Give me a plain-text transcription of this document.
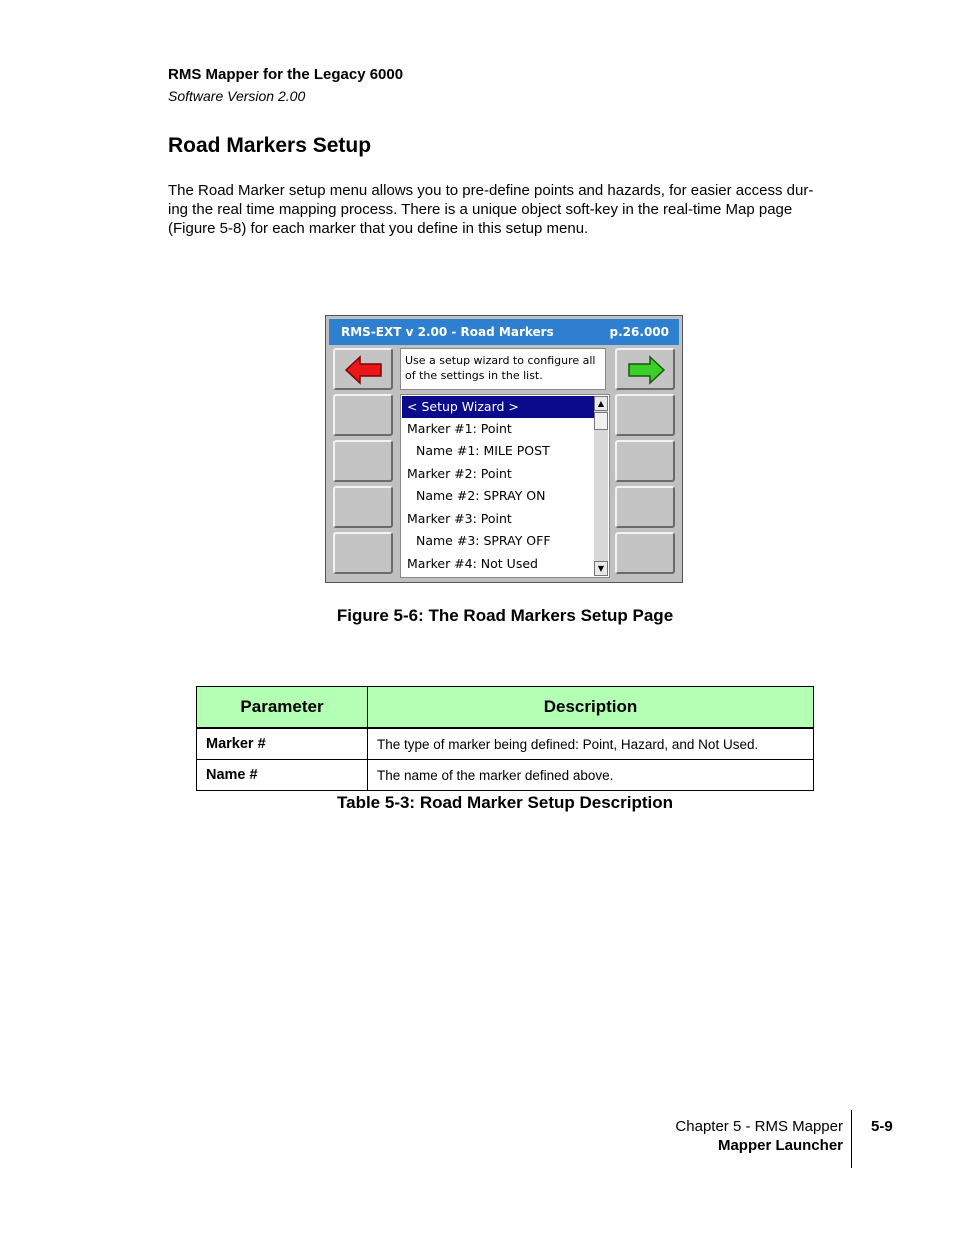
RMS Mapper for the Legacy 6000
Software Version 2.00
Road Markers Setup
The Road Marker setup menu allows you to pre-define points and hazards, for easier access dur-
ing the real time mapping process. There is a unique object soft-key in the real-time Map page
(Figure 5-8) for each marker that you define in this setup menu.
RMS-EXT v 2.00 - Road Markers	p.26.000
Use a setup wizard to configure all
of the settings in the list.
< Setup Wizard >
Marker #1: Point
Name #1: MILE POST
Marker #2: Point
Name #2: SPRAY ON
Marker #3: Point
Name #3: SPRAY OFF
Marker #4: Not Used
▲
▼
Figure 5-6: The Road Markers Setup Page
Parameter	Description
Marker #	The type of marker being defined: Point, Hazard, and Not Used.
Name #	The name of the marker defined above.
Table 5-3: Road Marker Setup Description
Chapter 5 - RMS Mapper
Mapper Launcher
5-9
